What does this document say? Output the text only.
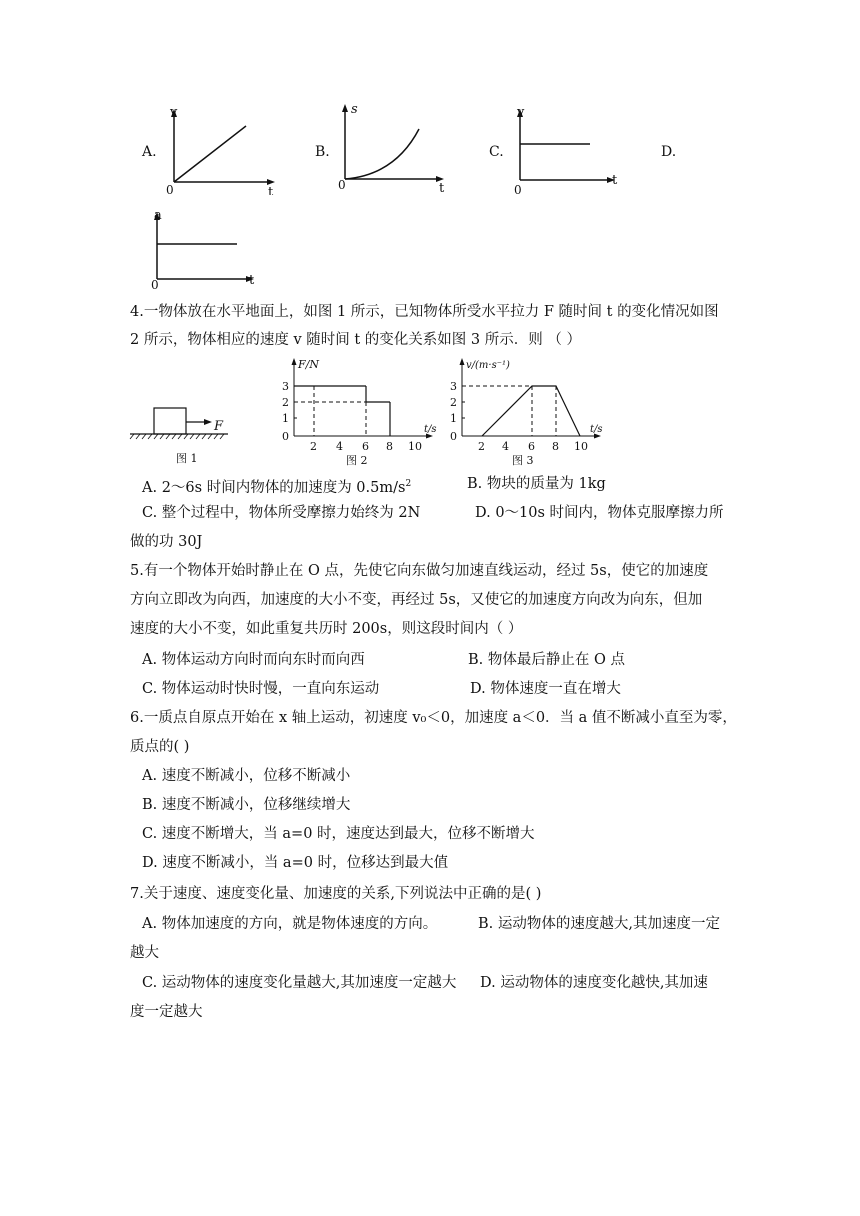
A.	B.	C.	D.
v
t
0
s
t
0
v
t
0
a
t
0
4.一物体放在水平地面上，如图 1 所示，已知物体所受水平拉力 F 随时间 t 的变化情况如图
2 所示，物体相应的速度 v 随时间 t 的变化关系如图 3 所示．则 （ ）
F
图 1
F/N
t/s
0
1
2
3
2 4 6 8 10
图 2
v/(m·s⁻¹)
t/s
0
1
2
3
2 4 6 8 10
图 3
A. 2～6s 时间内物体的加速度为 $0.5m/s^2$	B. 物块的质量为 1kg
C. 整个过程中，物体所受摩擦力始终为 2N	D. 0～10s 时间内，物体克服摩擦力所
做的功 30J
5.有一个物体开始时静止在 O 点，先使它向东做匀加速直线运动，经过 5s，使它的加速度
方向立即改为向西，加速度的大小不变，再经过 5s，又使它的加速度方向改为向东，但加
速度的大小不变，如此重复共历时 200s，则这段时间内（ ）
A. 物体运动方向时而向东时而向西	B. 物体最后静止在 O 点
C. 物体运动时快时慢，一直向东运动	D. 物体速度一直在增大
6.一质点自原点开始在 x 轴上运动，初速度 v₀＜0，加速度 a＜0．当 a 值不断减小直至为零，
质点的( )
A. 速度不断减小，位移不断减小
B. 速度不断减小，位移继续增大
C. 速度不断增大，当 a=0 时，速度达到最大，位移不断增大
D. 速度不断减小，当 a=0 时，位移达到最大值
7.关于速度、速度变化量、加速度的关系,下列说法中正确的是( )
A. 物体加速度的方向，就是物体速度的方向。	B. 运动物体的速度越大,其加速度一定
越大
C. 运动物体的速度变化量越大,其加速度一定越大 D. 运动物体的速度变化越快,其加速
度一定越大
